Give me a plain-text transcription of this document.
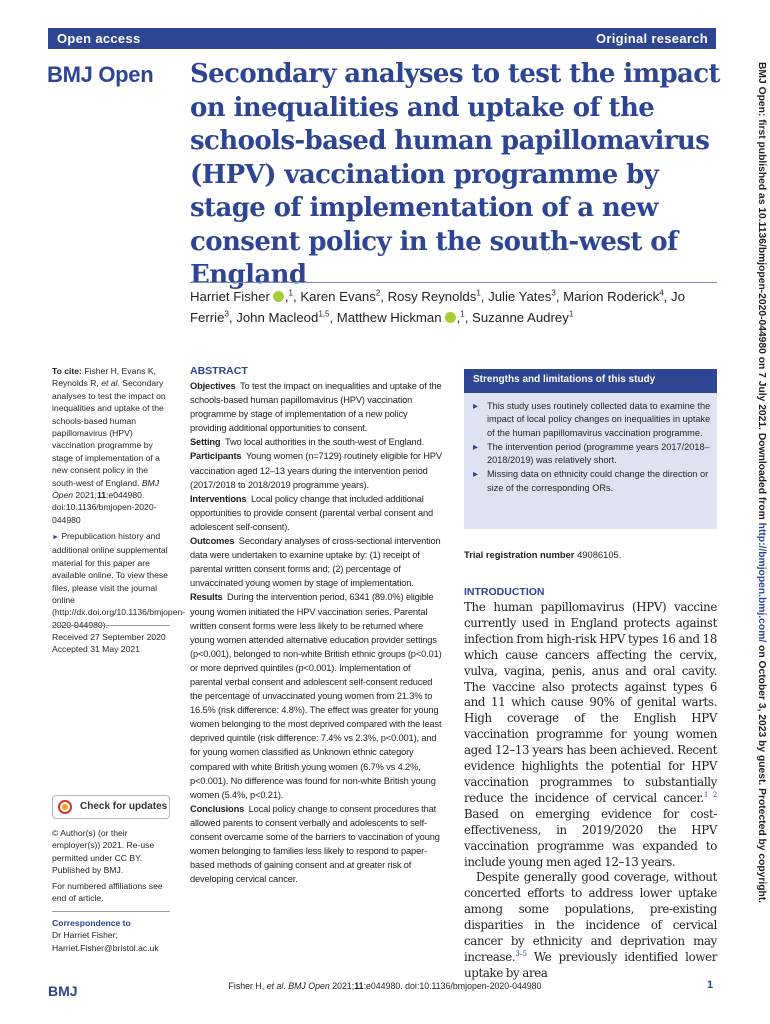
Open access	Original research
BMJ Open Secondary analyses to test the impact on inequalities and uptake of the schools-based human papillomavirus (HPV) vaccination programme by stage of implementation of a new consent policy in the south-west of England
Harriet Fisher ,$^1$, Karen Evans$^2$, Rosy Reynolds$^1$, Julie Yates$^3$, Marion Roderick$^4$, Jo Ferrie$^3$, John Macleod$^{1,5}$, Matthew Hickman ,$^1$, Suzanne Audrey$^1$
To cite: Fisher H, Evans K, Reynolds R, et al. Secondary analyses to test the impact on inequalities and uptake of the schools-based human papillomavirus (HPV) vaccination programme by stage of implementation of a new consent policy in the south-west of England. BMJ Open 2021;11:e044980. doi:10.1136/bmjopen-2020-044980
► Prepublication history and additional online supplemental material for this paper are available online. To view these files, please visit the journal online (http://dx.doi.org/10.1136/bmjopen-2020-044980).
Received 27 September 2020
Accepted 31 May 2021
Check for updates
© Author(s) (or their employer(s)) 2021. Re-use permitted under CC BY. Published by BMJ.
For numbered affiliations see end of article.
Correspondence to
Dr Harriet Fisher;
Harriet.Fisher@bristol.ac.uk
ABSTRACT
Objectives  To test the impact on inequalities and uptake of the schools-based human papillomavirus (HPV) vaccination programme by stage of implementation of a new policy providing additional opportunities to consent.
Setting  Two local authorities in the south-west of England.
Participants  Young women (n=7129) routinely eligible for HPV vaccination aged 12–13 years during the intervention period (2017/2018 to 2018/2019 programme years).
Interventions  Local policy change that included additional opportunities to provide consent (parental verbal consent and adolescent self-consent).
Outcomes  Secondary analyses of cross-sectional intervention data were undertaken to examine uptake by: (1) receipt of parental written consent forms and; (2) percentage of unvaccinated young women by stage of implementation.
Results  During the intervention period, 6341 (89.0%) eligible young women initiated the HPV vaccination series. Parental written consent forms were less likely to be returned where young women attended alternative education provider settings (p<0.001), belonged to non-white British ethnic groups (p<0.01) or more deprived quintiles (p<0.001). Implementation of parental verbal consent and adolescent self-consent reduced the percentage of unvaccinated young women from 21.3% to 16.5% (risk difference: 4.8%). The effect was greater for young women belonging to the most deprived compared with the least deprived quintile (risk difference: 7.4% vs 2.3%, p<0.001), and for young women classified as Unknown ethnic category compared with white British young women (6.7% vs 4.2%, p<0.001). No difference was found for non-white British young women (5.4%, p<0.21).
Conclusions  Local policy change to consent procedures that allowed parents to consent verbally and adolescents to self-consent overcame some of the barriers to vaccination of young women belonging to families less likely to respond to paper-based methods of gaining consent and at greater risk of developing cervical cancer.
Strengths and limitations of this study
▸ This study uses routinely collected data to examine the impact of local policy changes on inequalities in uptake of the human papillomavirus vaccination programme.
▸ The intervention period (programme years 2017/2018–2018/2019) was relatively short.
▸ Missing data on ethnicity could change the direction or size of the corresponding ORs.
Trial registration number 49086105.
INTRODUCTION

The human papillomavirus (HPV) vaccine currently used in England protects against infection from high-risk HPV types 16 and 18 which cause cancers affecting the cervix, vulva, vagina, penis, anus and oral cavity. The vaccine also protects against types 6 and 11 which cause 90% of genital warts. High coverage of the English HPV vaccination programme for young women aged 12–13 years has been achieved. Recent evidence highlights the potential for HPV vaccination programmes to substantially reduce the incidence of cervical cancer.$^{1 2}$ Based on emerging evidence for cost-effectiveness, in 2019/2020 the HPV vaccination programme was expanded to include young men aged 12–13 years.

Despite generally good coverage, without concerted efforts to address lower uptake among some populations, pre-existing disparities in the incidence of cervical cancer by ethnicity and deprivation may increase.$^{3-5}$ We previously identified lower uptake by area

BMJ Open: first published as 10.1136/bmjopen-2020-044980 on 7 July 2021. Downloaded from http://bmjopen.bmj.com/ on October 3, 2023 by guest. Protected by copyright.
BMJ	Fisher H, et al. BMJ Open 2021;11:e044980. doi:10.1136/bmjopen-2020-044980	1
